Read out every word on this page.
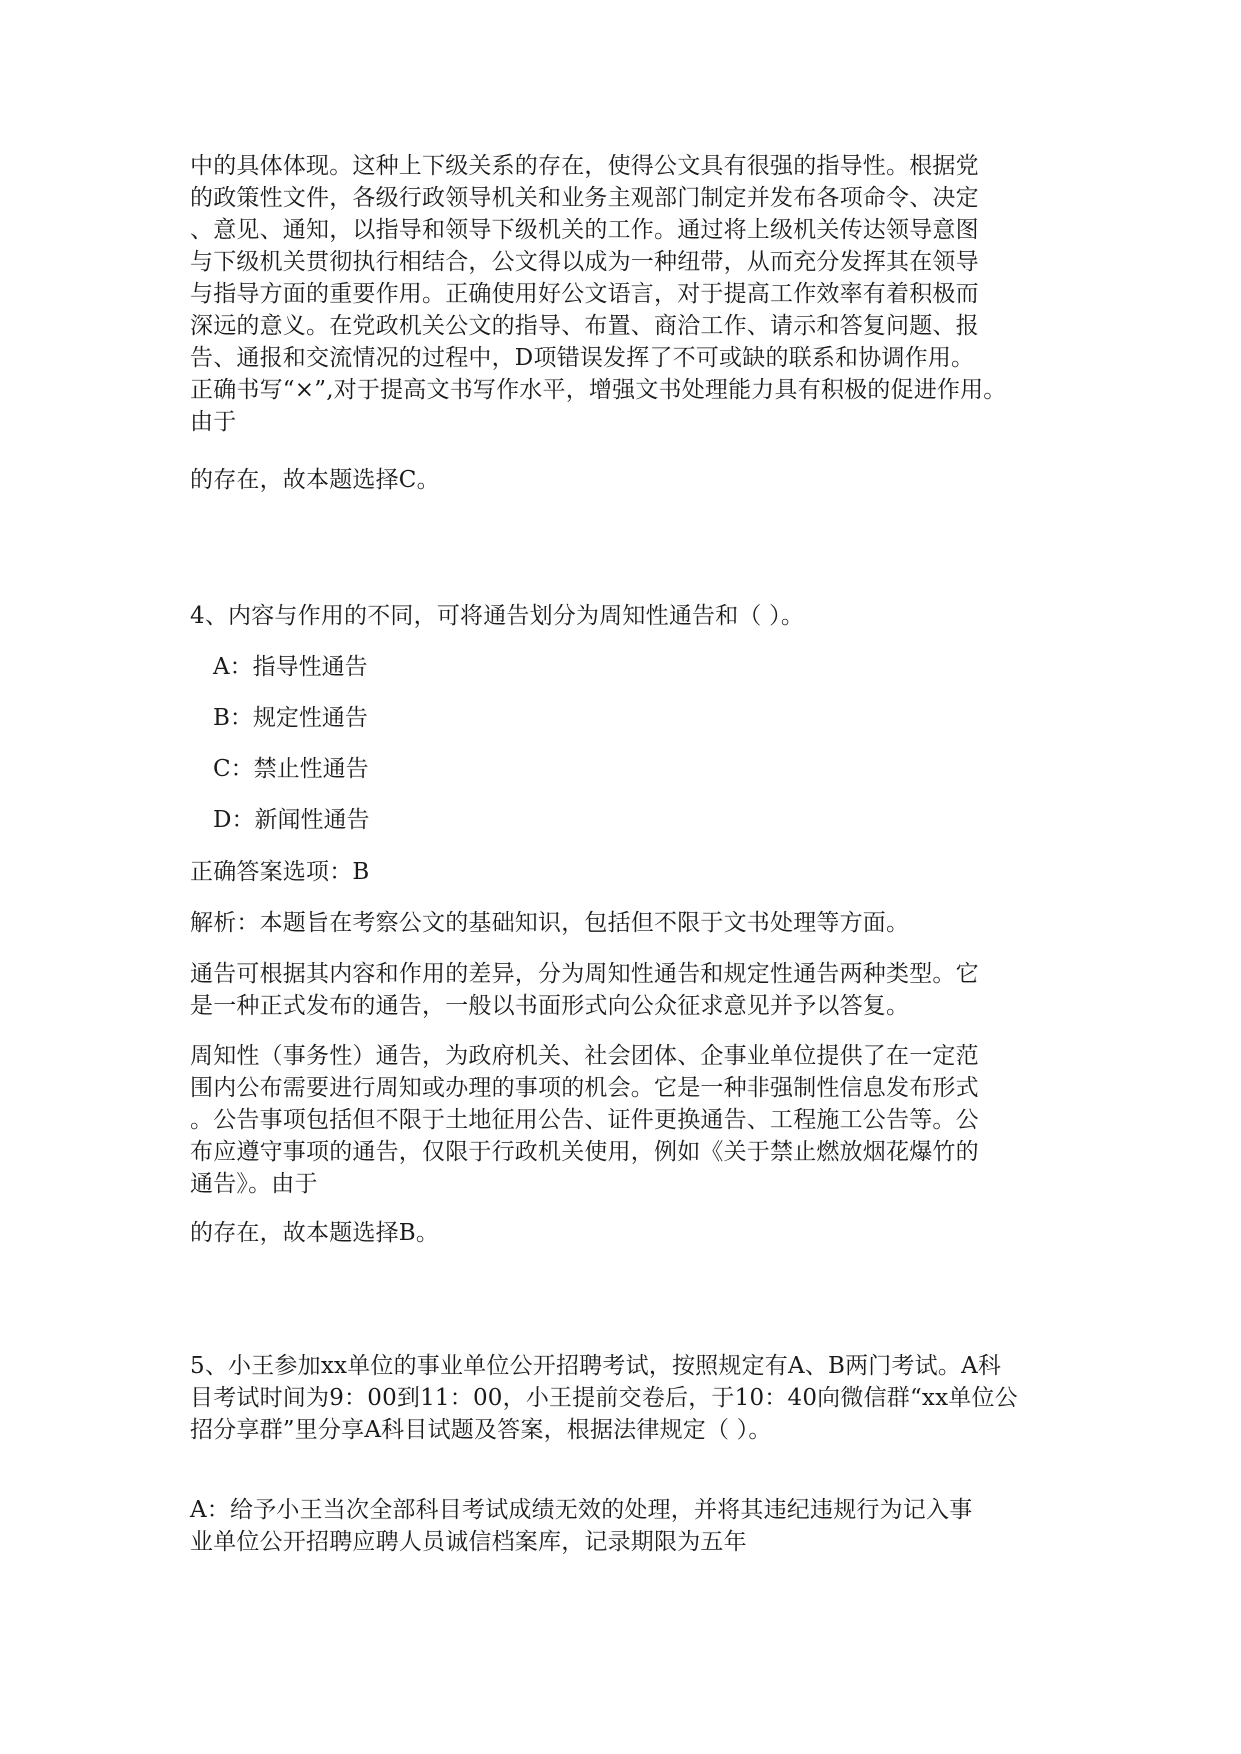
中的具体体现。这种上下级关系的存在，使得公文具有很强的指导性。根据党
的政策性文件，各级行政领导机关和业务主观部门制定并发布各项命令、决定
、意见、通知，以指导和领导下级机关的工作。通过将上级机关传达领导意图
与下级机关贯彻执行相结合，公文得以成为一种纽带，从而充分发挥其在领导
与指导方面的重要作用。正确使用好公文语言，对于提高工作效率有着积极而
深远的意义。在党政机关公文的指导、布置、商洽工作、请示和答复问题、报
告、通报和交流情况的过程中，D项错误发挥了不可或缺的联系和协调作用。
正确书写“×”,对于提高文书写作水平，增强文书处理能力具有积极的促进作用。
由于

的存在，故本题选择C。

4、内容与作用的不同，可将通告划分为周知性通告和（ ）。

A：指导性通告

B：规定性通告

C：禁止性通告

D：新闻性通告

正确答案选项：B

解析：本题旨在考察公文的基础知识，包括但不限于文书处理等方面。

通告可根据其内容和作用的差异，分为周知性通告和规定性通告两种类型。它
是一种正式发布的通告，一般以书面形式向公众征求意见并予以答复。

周知性（事务性）通告，为政府机关、社会团体、企事业单位提供了在一定范
围内公布需要进行周知或办理的事项的机会。它是一种非强制性信息发布形式
。公告事项包括但不限于土地征用公告、证件更换通告、工程施工公告等。公
布应遵守事项的通告，仅限于行政机关使用，例如《关于禁止燃放烟花爆竹的
通告》。由于

的存在，故本题选择B。

5、小王参加xx单位的事业单位公开招聘考试，按照规定有A、B两门考试。A科
目考试时间为9：00到11：00，小王提前交卷后，于10：40向微信群“xx单位公
招分享群”里分享A科目试题及答案，根据法律规定（ ）。

A：给予小王当次全部科目考试成绩无效的处理，并将其违纪违规行为记入事
业单位公开招聘应聘人员诚信档案库，记录期限为五年
